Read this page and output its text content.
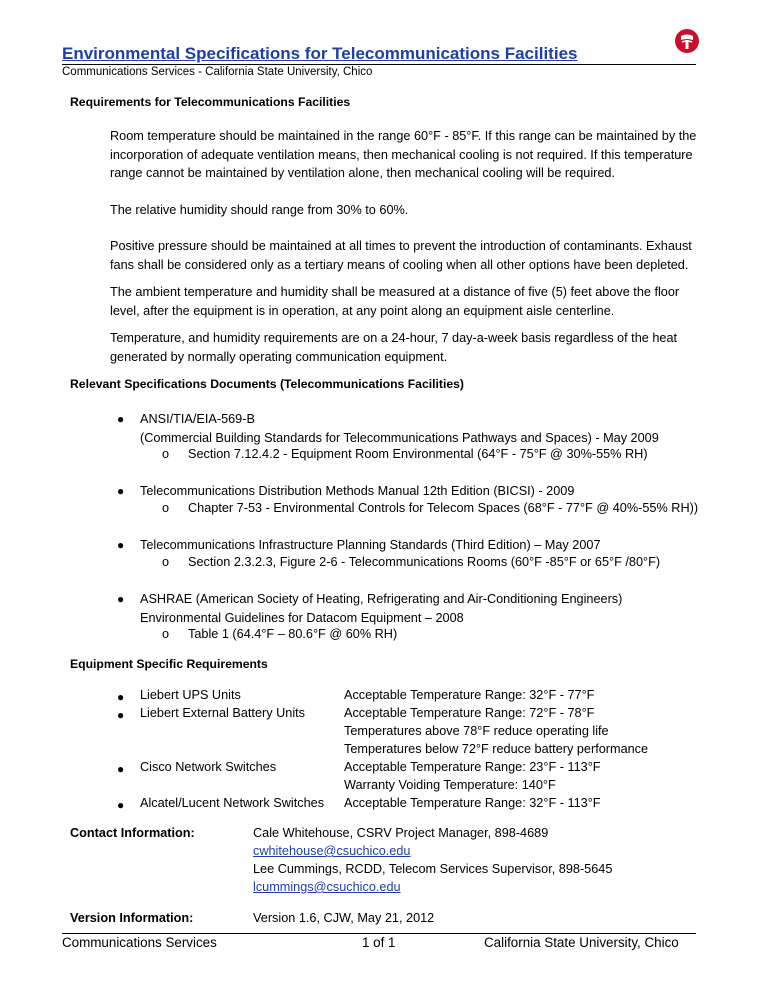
Environmental Specifications for Telecommunications Facilities
Communications Services - California State University, Chico
Requirements for Telecommunications Facilities
Room temperature should be maintained in the range 60°F - 85°F. If this range can be maintained by the
incorporation of adequate ventilation means, then mechanical cooling is not required. If this temperature
range cannot be maintained by ventilation alone, then mechanical cooling will be required.
The relative humidity should range from 30% to 60%.
Positive pressure should be maintained at all times to prevent the introduction of contaminants. Exhaust
fans shall be considered only as a tertiary means of cooling when all other options have been depleted.
The ambient temperature and humidity shall be measured at a distance of five (5) feet above the floor
level, after the equipment is in operation, at any point along an equipment aisle centerline.
Temperature, and humidity requirements are on a 24-hour, 7 day-a-week basis regardless of the heat
generated by normally operating communication equipment.
Relevant Specifications Documents (Telecommunications Facilities)
● ANSI/TIA/EIA-569-B
(Commercial Building Standards for Telecommunications Pathways and Spaces) - May 2009
o Section 7.12.4.2 - Equipment Room Environmental (64°F - 75°F @ 30%-55% RH)
● Telecommunications Distribution Methods Manual 12th Edition (BICSI) - 2009
o Chapter 7-53 - Environmental Controls for Telecom Spaces (68°F - 77°F @ 40%-55% RH))
● Telecommunications Infrastructure Planning Standards (Third Edition) – May 2007
o Section 2.3.2.3, Figure 2-6 - Telecommunications Rooms (60°F -85°F or 65°F /80°F)
● ASHRAE (American Society of Heating, Refrigerating and Air-Conditioning Engineers)
Environmental Guidelines for Datacom Equipment – 2008
o Table 1 (64.4°F – 80.6°F @ 60% RH)
Equipment Specific Requirements
● Liebert UPS Units	Acceptable Temperature Range: 32°F - 77°F
● Liebert External Battery Units	Acceptable Temperature Range: 72°F - 78°F
Temperatures above 78°F reduce operating life
Temperatures below 72°F reduce battery performance
● Cisco Network Switches	Acceptable Temperature Range: 23°F - 113°F
Warranty Voiding Temperature: 140°F
● Alcatel/Lucent Network Switches Acceptable Temperature Range: 32°F - 113°F
Contact Information:	Cale Whitehouse, CSRV Project Manager, 898-4689
cwhitehouse@csuchico.edu
Lee Cummings, RCDD, Telecom Services Supervisor, 898-5645
lcummings@csuchico.edu
Version Information:	Version 1.6, CJW, May 21, 2012
Communications Services	1 of 1	California State University, Chico
